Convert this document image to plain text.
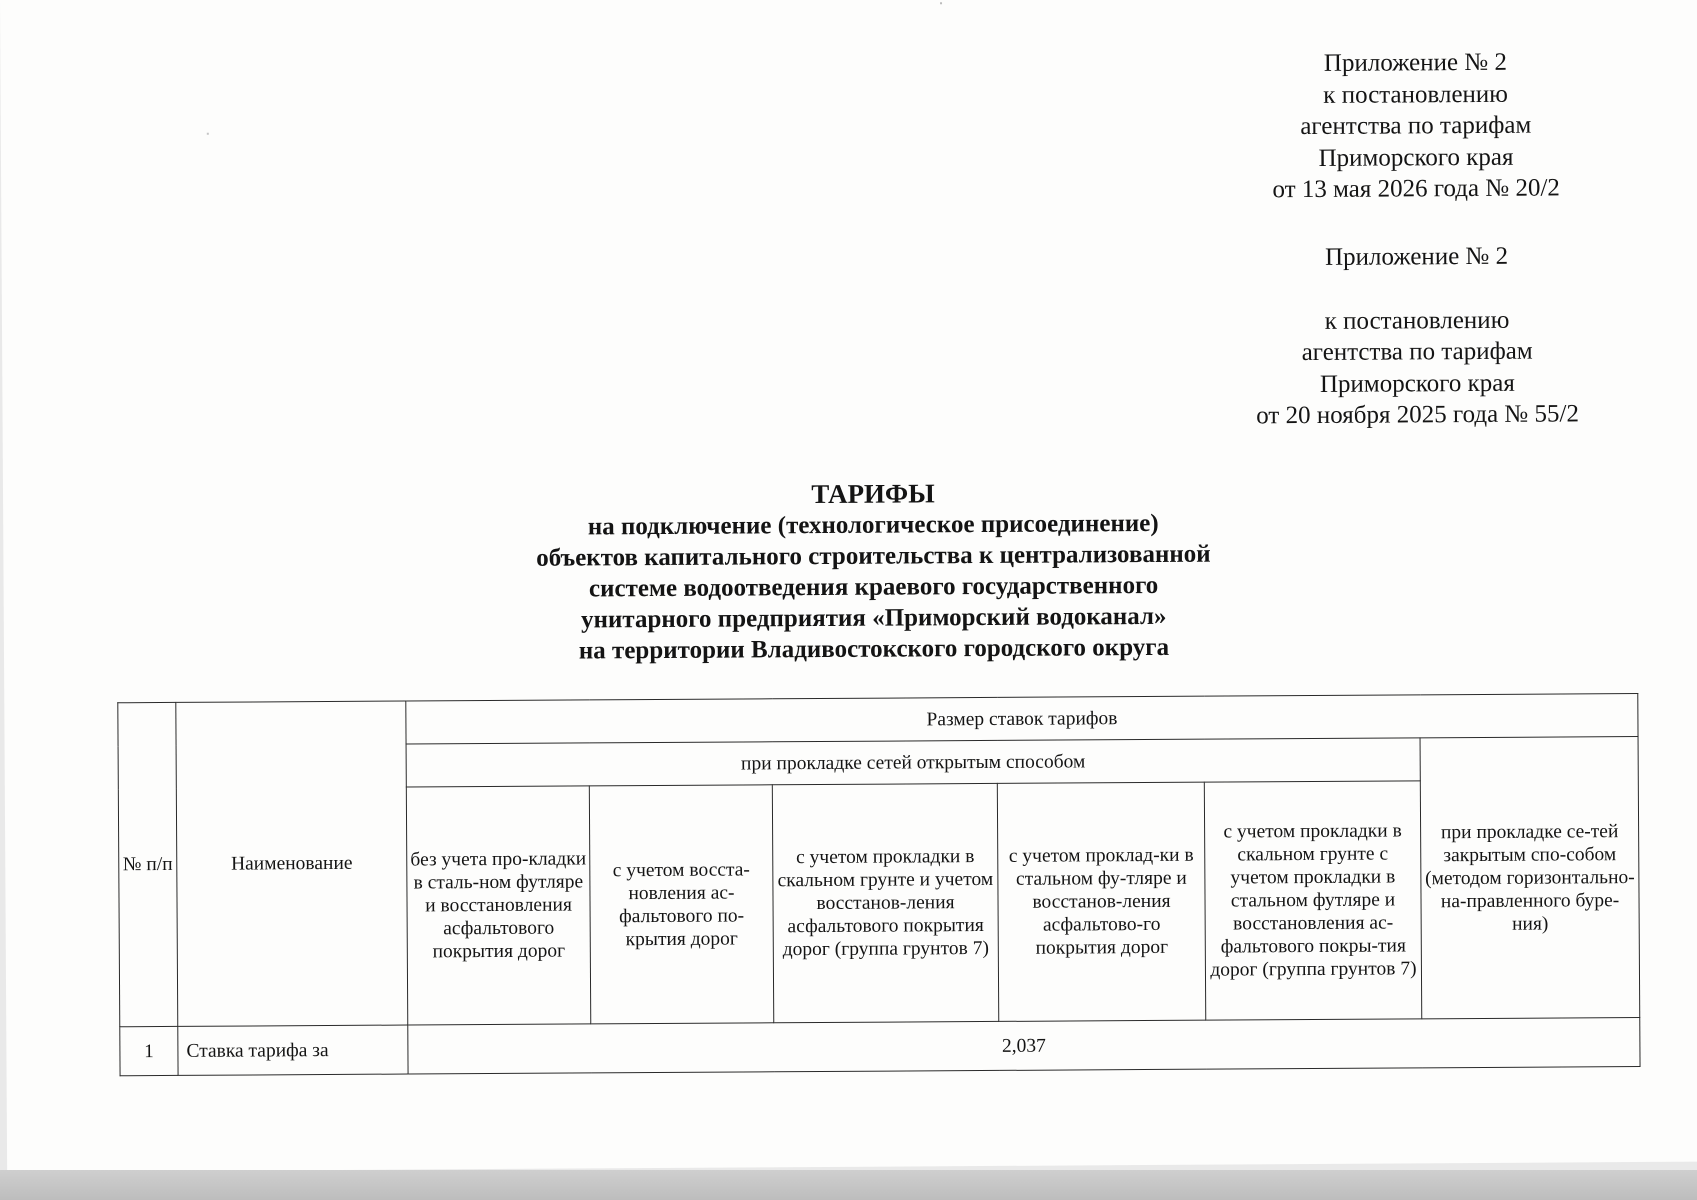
Приложение № 2
к постановлению
агентства по тарифам
Приморского края
от 13 мая 2026 года № 20/2
Приложение № 2
к постановлению
агентства по тарифам
Приморского края
от 20 ноября 2025 года № 55/2
ТАРИФЫ
на подключение (технологическое присоединение)
объектов капитального строительства к централизованной
системе водоотведения краевого государственного
унитарного предприятия «Приморский водоканал»
на территории Владивостокского городского округа
№ п/п	Наименование	Размер ставок тарифов					
		при прокладке сетей открытым способом					при прокладке се-тей закрытым спо-собом (методом горизонтально-на-правленного буре-ния)
		без учета про-кладки в сталь-ном футляре и восстановления асфальтового покрытия дорог	с учетом восста-новления ас-фальтового по-крытия дорог	с учетом прокладки в скальном грунте и учетом восстанов-ления асфальтового покрытия дорог (группа грунтов 7)	с учетом проклад-ки в стальном фу-тляре и восстанов-ления асфальтово-го покрытия дорог	с учетом прокладки в скальном грунте с учетом прокладки в стальном футляре и восстановления ас-фальтового покры-тия дорог (группа грунтов 7)	
1	Ставка тарифа за	2,037					
